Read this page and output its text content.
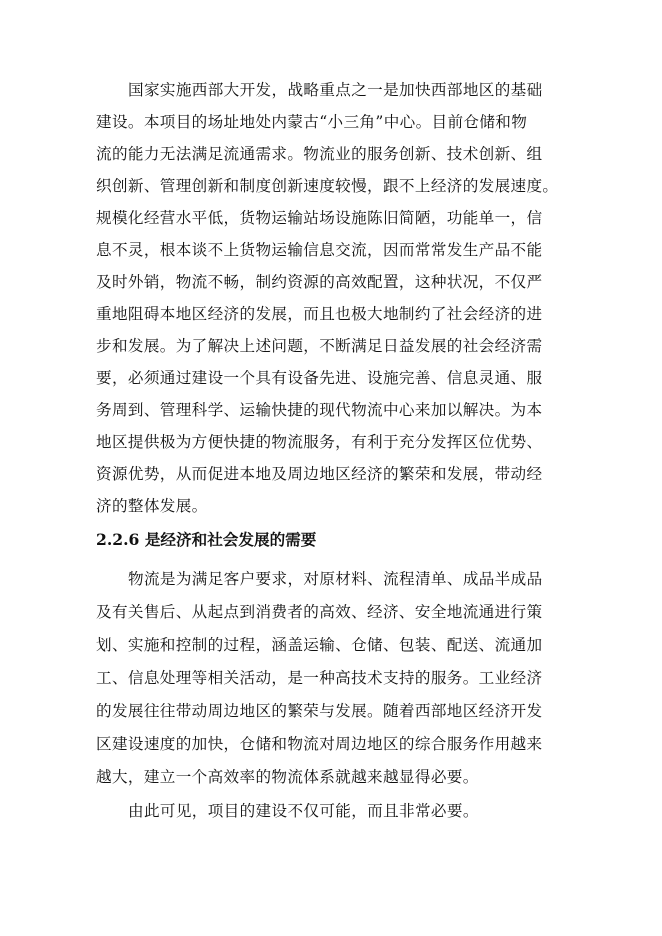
国家实施西部大开发，战略重点之一是加快西部地区的基础
建设。本项目的场址地处内蒙古“小三角”中心。目前仓储和物
流的能力无法满足流通需求。物流业的服务创新、技术创新、组
织创新、管理创新和制度创新速度较慢，跟不上经济的发展速度。
规模化经营水平低，货物运输站场设施陈旧简陋，功能单一，信
息不灵，根本谈不上货物运输信息交流，因而常常发生产品不能
及时外销，物流不畅，制约资源的高效配置，这种状况，不仅严
重地阻碍本地区经济的发展，而且也极大地制约了社会经济的进
步和发展。为了解决上述问题，不断满足日益发展的社会经济需
要，必须通过建设一个具有设备先进、设施完善、信息灵通、服
务周到、管理科学、运输快捷的现代物流中心来加以解决。为本
地区提供极为方便快捷的物流服务，有利于充分发挥区位优势、
资源优势，从而促进本地及周边地区经济的繁荣和发展，带动经
济的整体发展。
2.2.6 是经济和社会发展的需要
物流是为满足客户要求，对原材料、流程清单、成品半成品
及有关售后、从起点到消费者的高效、经济、安全地流通进行策
划、实施和控制的过程，涵盖运输、仓储、包装、配送、流通加
工、信息处理等相关活动，是一种高技术支持的服务。工业经济
的发展往往带动周边地区的繁荣与发展。随着西部地区经济开发
区建设速度的加快，仓储和物流对周边地区的综合服务作用越来
越大，建立一个高效率的物流体系就越来越显得必要。
由此可见，项目的建设不仅可能，而且非常必要。
